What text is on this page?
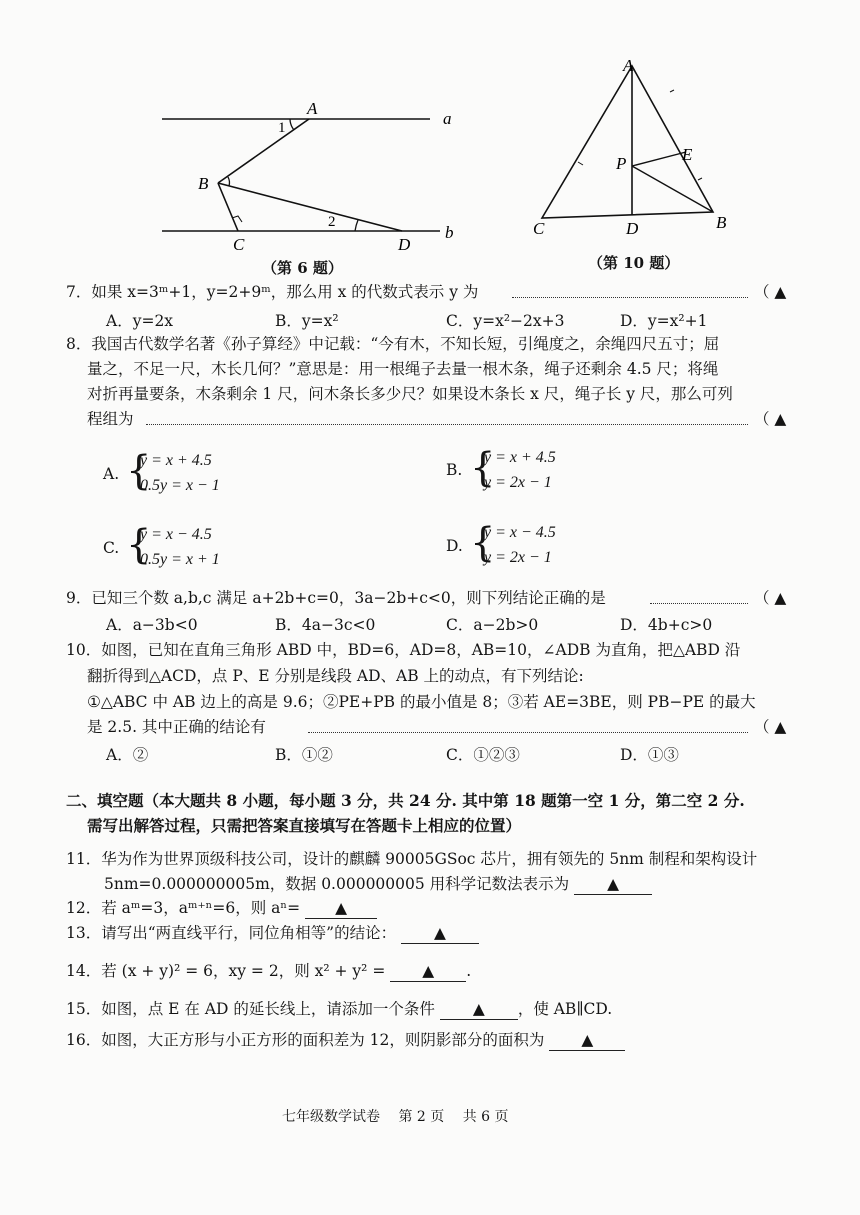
A
a
B
C	D
b
1
2
（第 6 题）
A
P	E
C	D	B
（第 10 题）
7．如果 x=3ᵐ+1，y=2+9ᵐ，那么用 x 的代数式表示 y 为	（ ▲
A．y=2x	B．y=x²	C．y=x²−2x+3	D．y=x²+1
8．我国古代数学名著《孙子算经》中记载：“今有木，不知长短，引绳度之，余绳四尺五寸；屈
量之，不足一尺，木长几何？”意思是：用一根绳子去量一根木条，绳子还剩余 4.5 尺；将绳
对折再量要条，木条剩余 1 尺，问木条长多少尺？如果设木条长 x 尺，绳子长 y 尺，那么可列
程组为	（ ▲
A. {
y = x + 4.5
0.5y = x − 1
B. {
y = x + 4.5
y = 2x − 1
C. {
y = x − 4.5
0.5y = x + 1
D. {
y = x − 4.5
y = 2x − 1
9．已知三个数 a,b,c 满足 a+2b+c=0，3a−2b+c<0，则下列结论正确的是	（ ▲
A．a−3b<0	B．4a−3c<0	C．a−2b>0	D．4b+c>0
10．如图，已知在直角三角形 ABD 中，BD=6，AD=8，AB=10，∠ADB 为直角，把△ABD 沿
翻折得到△ACD，点 P、E 分别是线段 AD、AB 上的动点，有下列结论:
①△ABC 中 AB 边上的高是 9.6；②PE+PB 的最小值是 8；③若 AE=3BE，则 PB−PE 的最大
是 2.5. 其中正确的结论有	（ ▲
A．②	B．①②	C．①②③	D．①③
二、填空题（本大题共 8 小题，每小题 3 分，共 24 分. 其中第 18 题第一空 1 分，第二空 2 分.
需写出解答过程，只需把答案直接填写在答题卡上相应的位置）
11．华为作为世界顶级科技公司，设计的麒麟 90005GSoc 芯片，拥有领先的 5nm 制程和架构设计
5nm=0.000000005m，数据 0.000000005 用科学记数法表示为 ▲
12．若 aᵐ=3，aᵐ⁺ⁿ=6，则 aⁿ= ▲
13．请写出“两直线平行，同位角相等”的结论： ▲
14．若 (x + y)² = 6，xy = 2，则 x² + y² = ▲ .
15．如图，点 E 在 AD 的延长线上，请添加一个条件 ▲ ，使 AB∥CD.
16．如图，大正方形与小正方形的面积差为 12，则阴影部分的面积为 ▲
七年级数学试卷　 第 2 页　 共 6 页
